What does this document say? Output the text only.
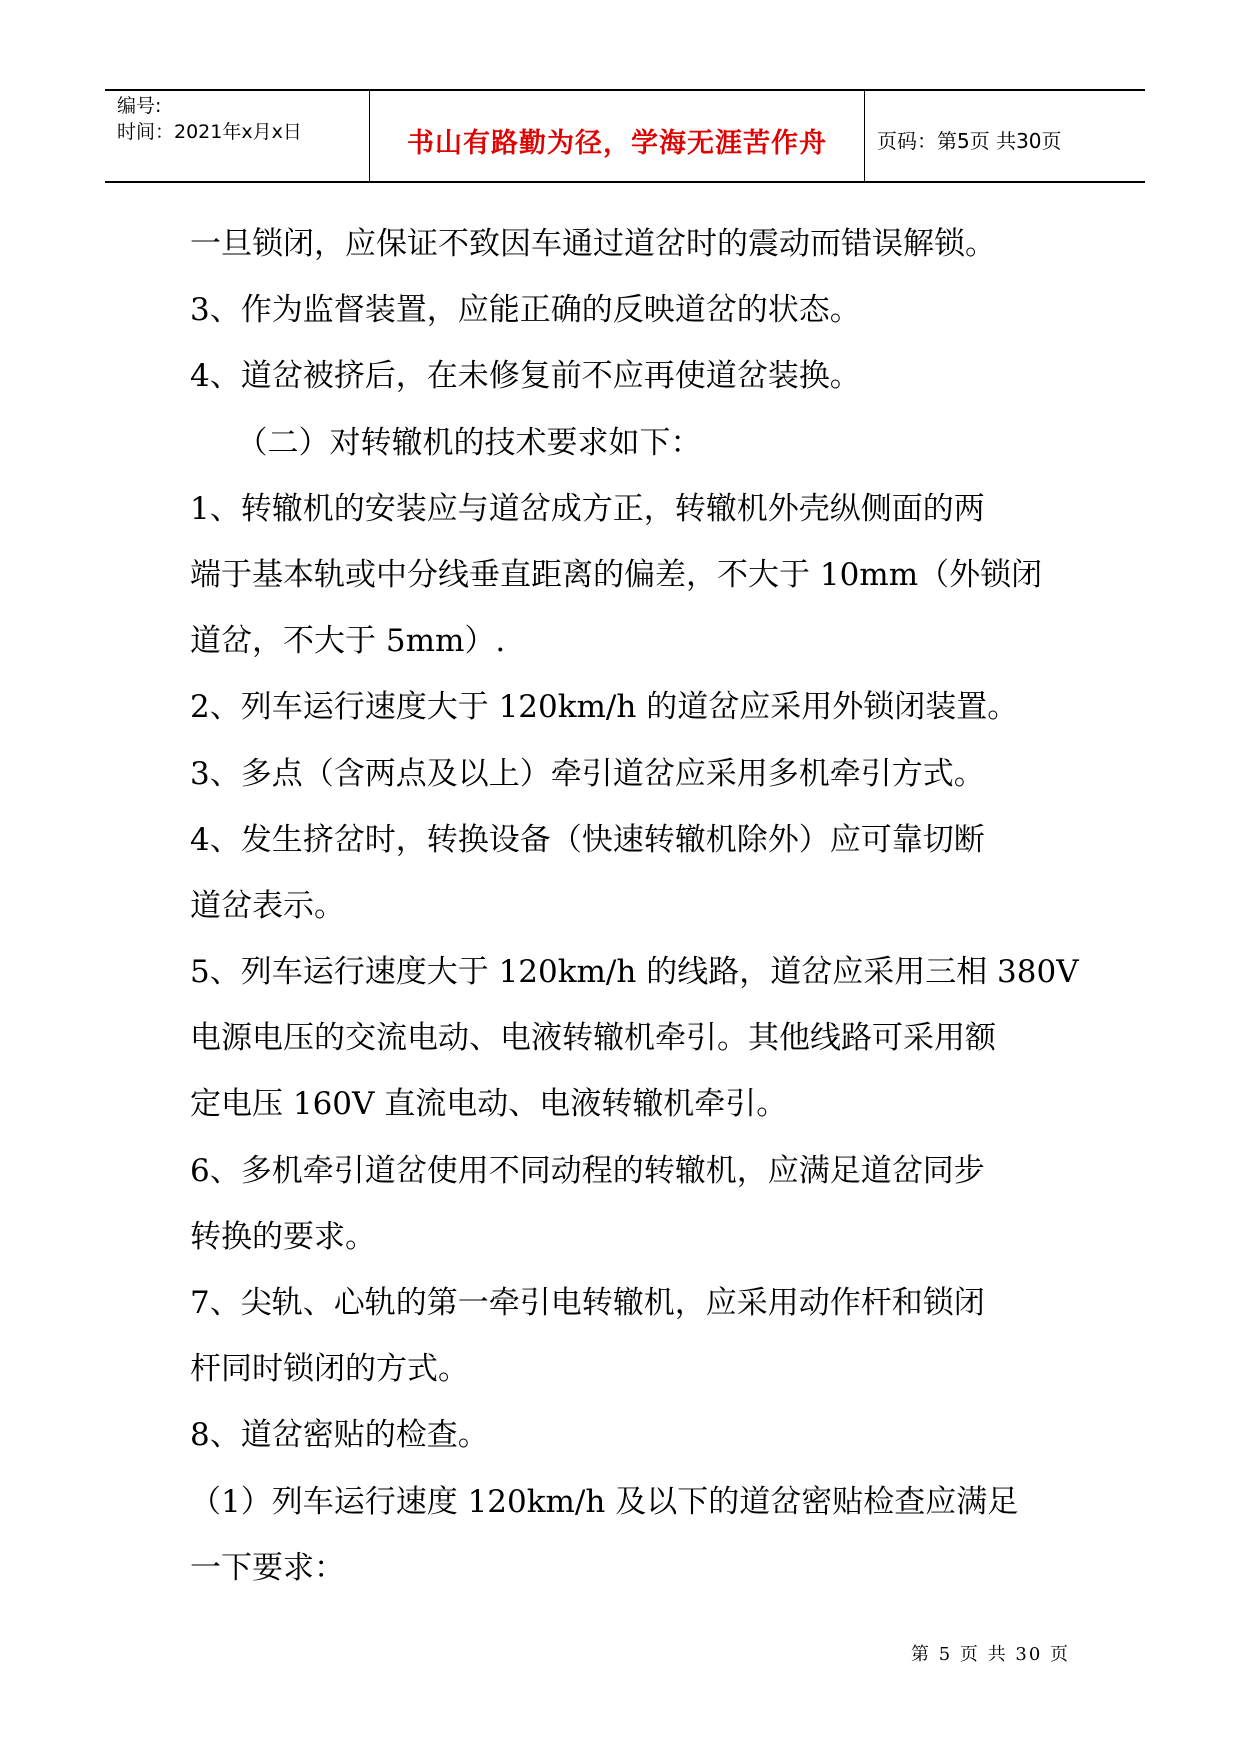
编号:
时间：2021年x月x日	书山有路勤为径，学海无涯苦作舟	页码：第5页 共30页
一旦锁闭，应保证不致因车通过道岔时的震动而错误解锁。
3、作为监督装置，应能正确的反映道岔的状态。
4、道岔被挤后，在未修复前不应再使道岔装换。
　　（二）对转辙机的技术要求如下：
1、转辙机的安装应与道岔成方正，转辙机外壳纵侧面的两
端于基本轨或中分线垂直距离的偏差，不大于 10mm（外锁闭
道岔，不大于 5mm）.
2、列车运行速度大于 120km/h 的道岔应采用外锁闭装置。
3、多点（含两点及以上）牵引道岔应采用多机牵引方式。
4、发生挤岔时，转换设备（快速转辙机除外）应可靠切断
道岔表示。
5、列车运行速度大于 120km/h 的线路，道岔应采用三相 380V
电源电压的交流电动、电液转辙机牵引。其他线路可采用额
定电压 160V 直流电动、电液转辙机牵引。
6、多机牵引道岔使用不同动程的转辙机，应满足道岔同步
转换的要求。
7、尖轨、心轨的第一牵引电转辙机，应采用动作杆和锁闭
杆同时锁闭的方式。
8、道岔密贴的检查。
（1）列车运行速度 120km/h 及以下的道岔密贴检查应满足
一下要求：
第 5 页 共 30 页
